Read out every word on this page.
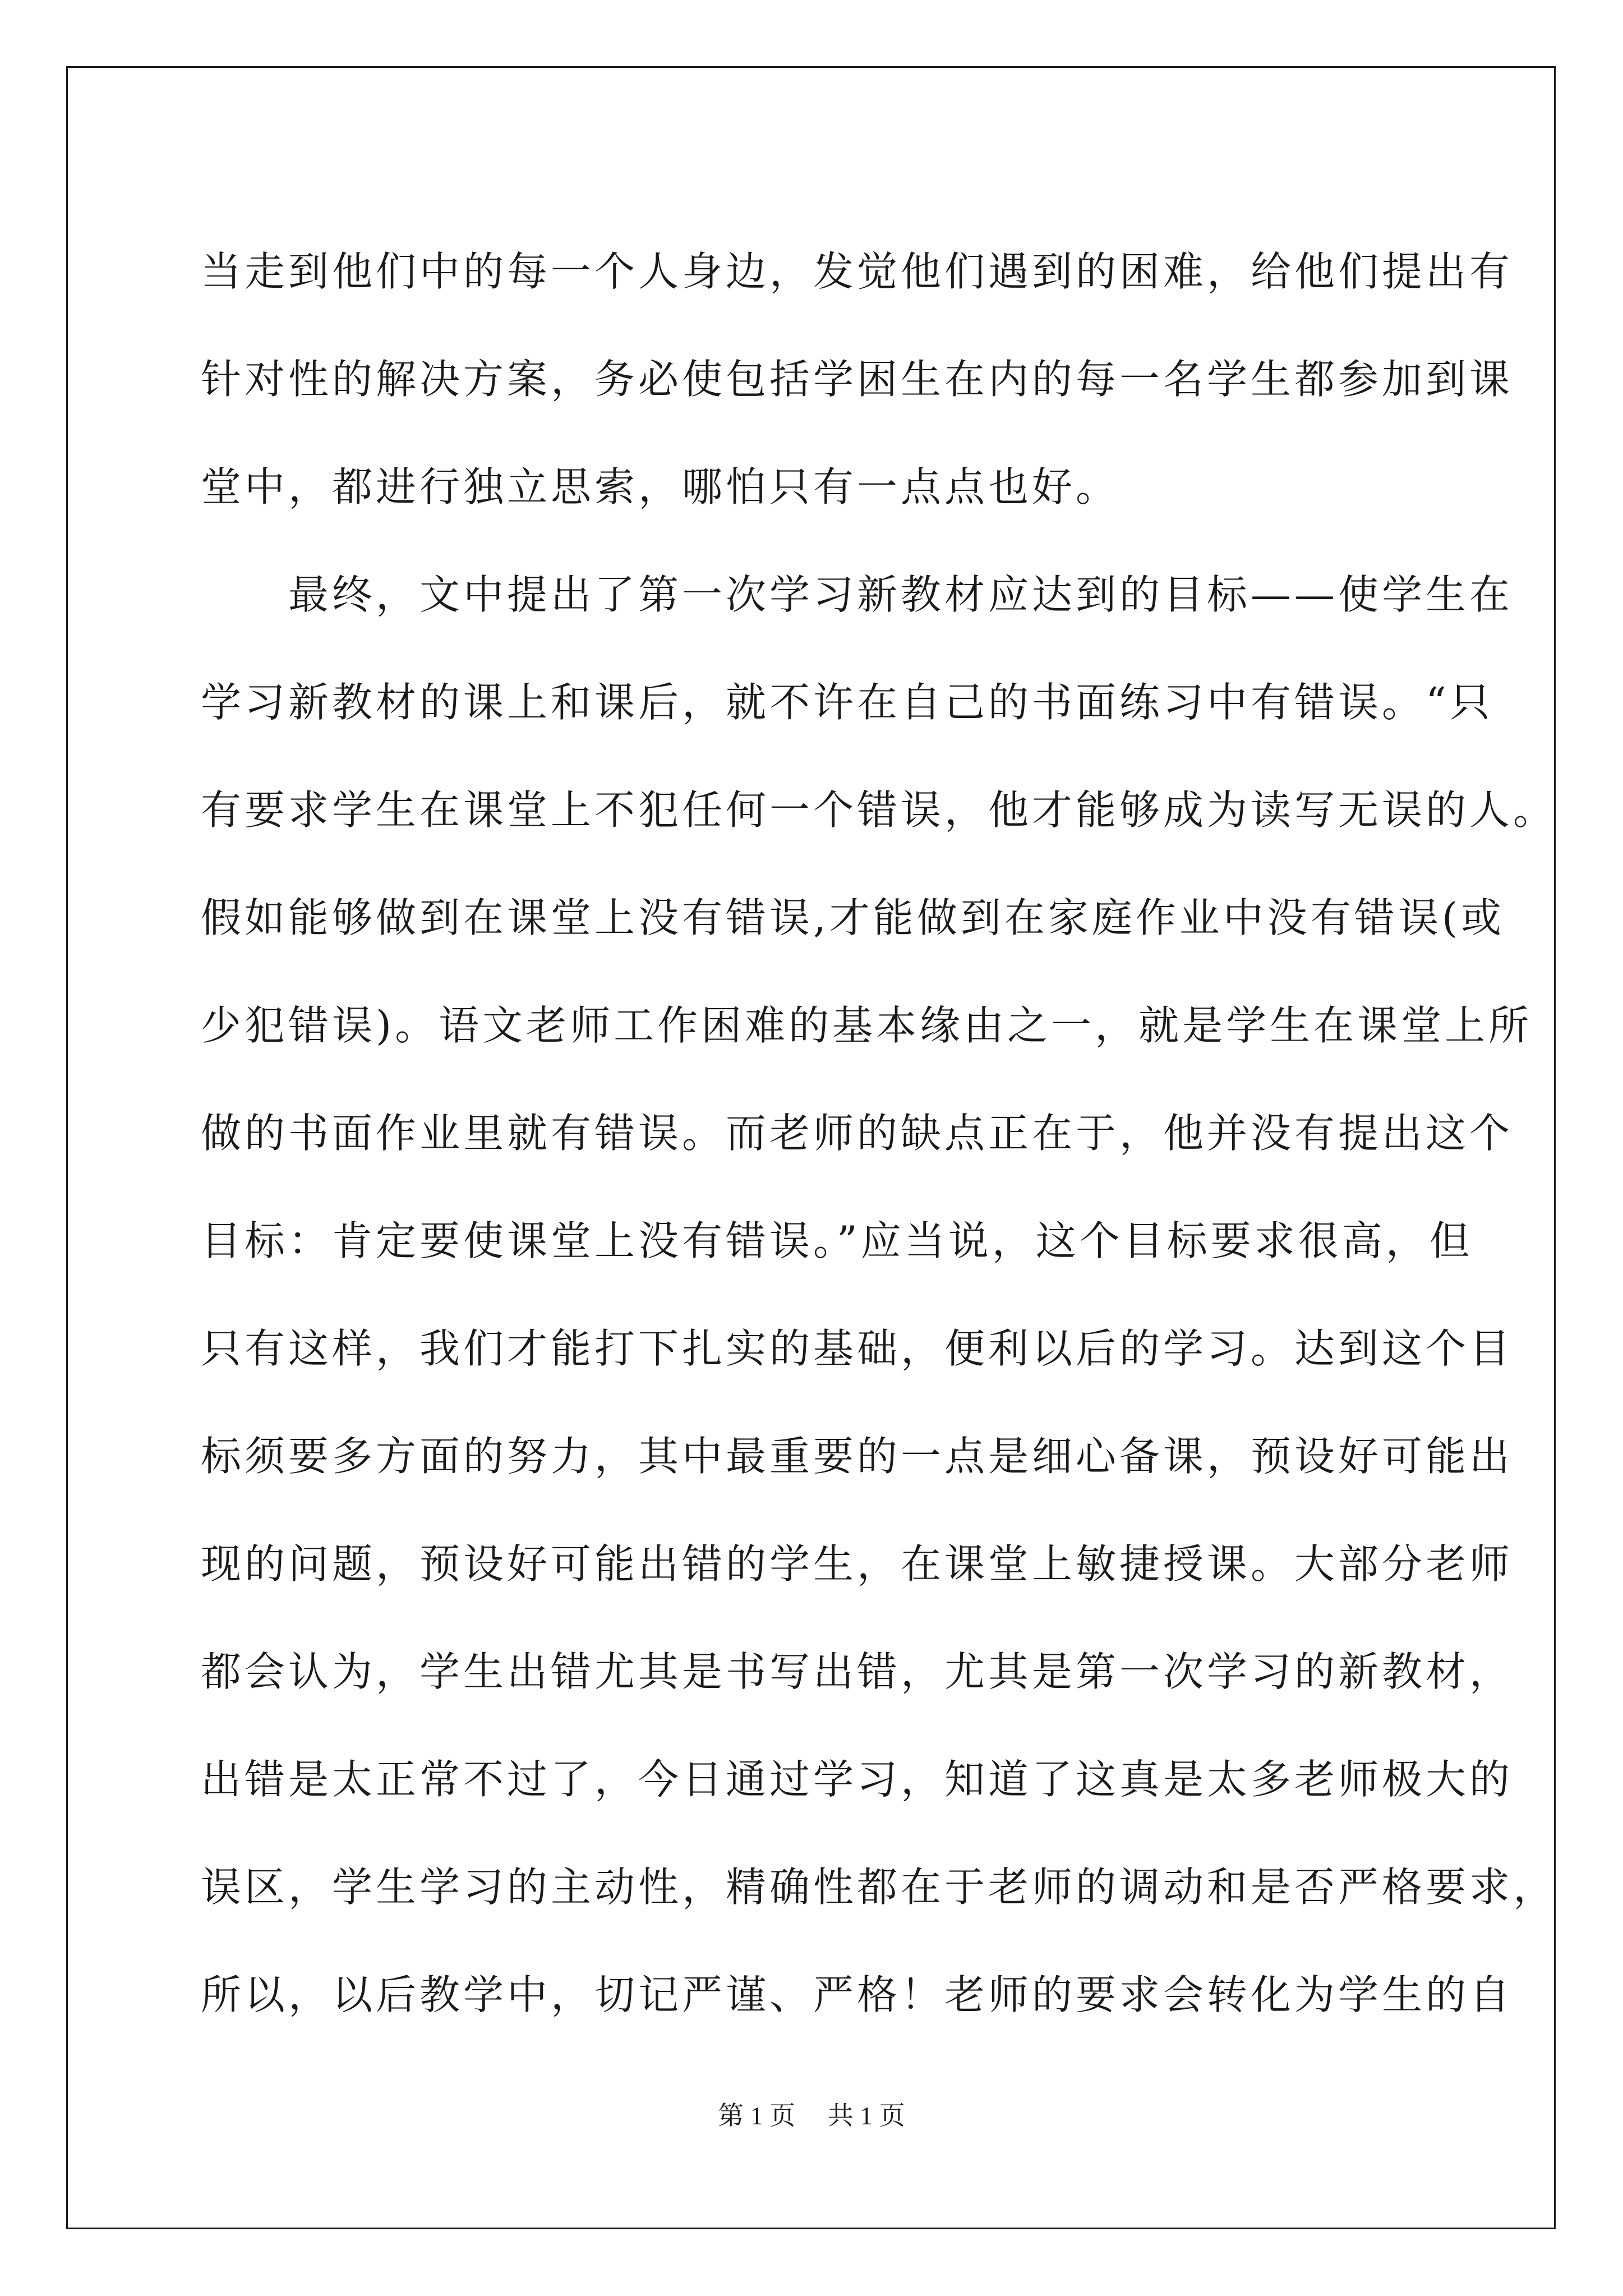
当走到他们中的每一个人身边，发觉他们遇到的困难，给他们提出有
针对性的解决方案，务必使包括学困生在内的每一名学生都参加到课
堂中，都进行独立思索，哪怕只有一点点也好。
　　最终，文中提出了第一次学习新教材应达到的目标——使学生在
学习新教材的课上和课后，就不许在自己的书面练习中有错误。“只
有要求学生在课堂上不犯任何一个错误，他才能够成为读写无误的人。
假如能够做到在课堂上没有错误,才能做到在家庭作业中没有错误(或
少犯错误)。语文老师工作困难的基本缘由之一，就是学生在课堂上所
做的书面作业里就有错误。而老师的缺点正在于，他并没有提出这个
目标：肯定要使课堂上没有错误。”应当说，这个目标要求很高，但
只有这样，我们才能打下扎实的基础，便利以后的学习。达到这个目
标须要多方面的努力，其中最重要的一点是细心备课，预设好可能出
现的问题，预设好可能出错的学生，在课堂上敏捷授课。大部分老师
都会认为，学生出错尤其是书写出错，尤其是第一次学习的新教材，
出错是太正常不过了，今日通过学习，知道了这真是太多老师极大的
误区，学生学习的主动性，精确性都在于老师的调动和是否严格要求，
所以，以后教学中，切记严谨、严格！老师的要求会转化为学生的自
第 1 页　 共 1 页
